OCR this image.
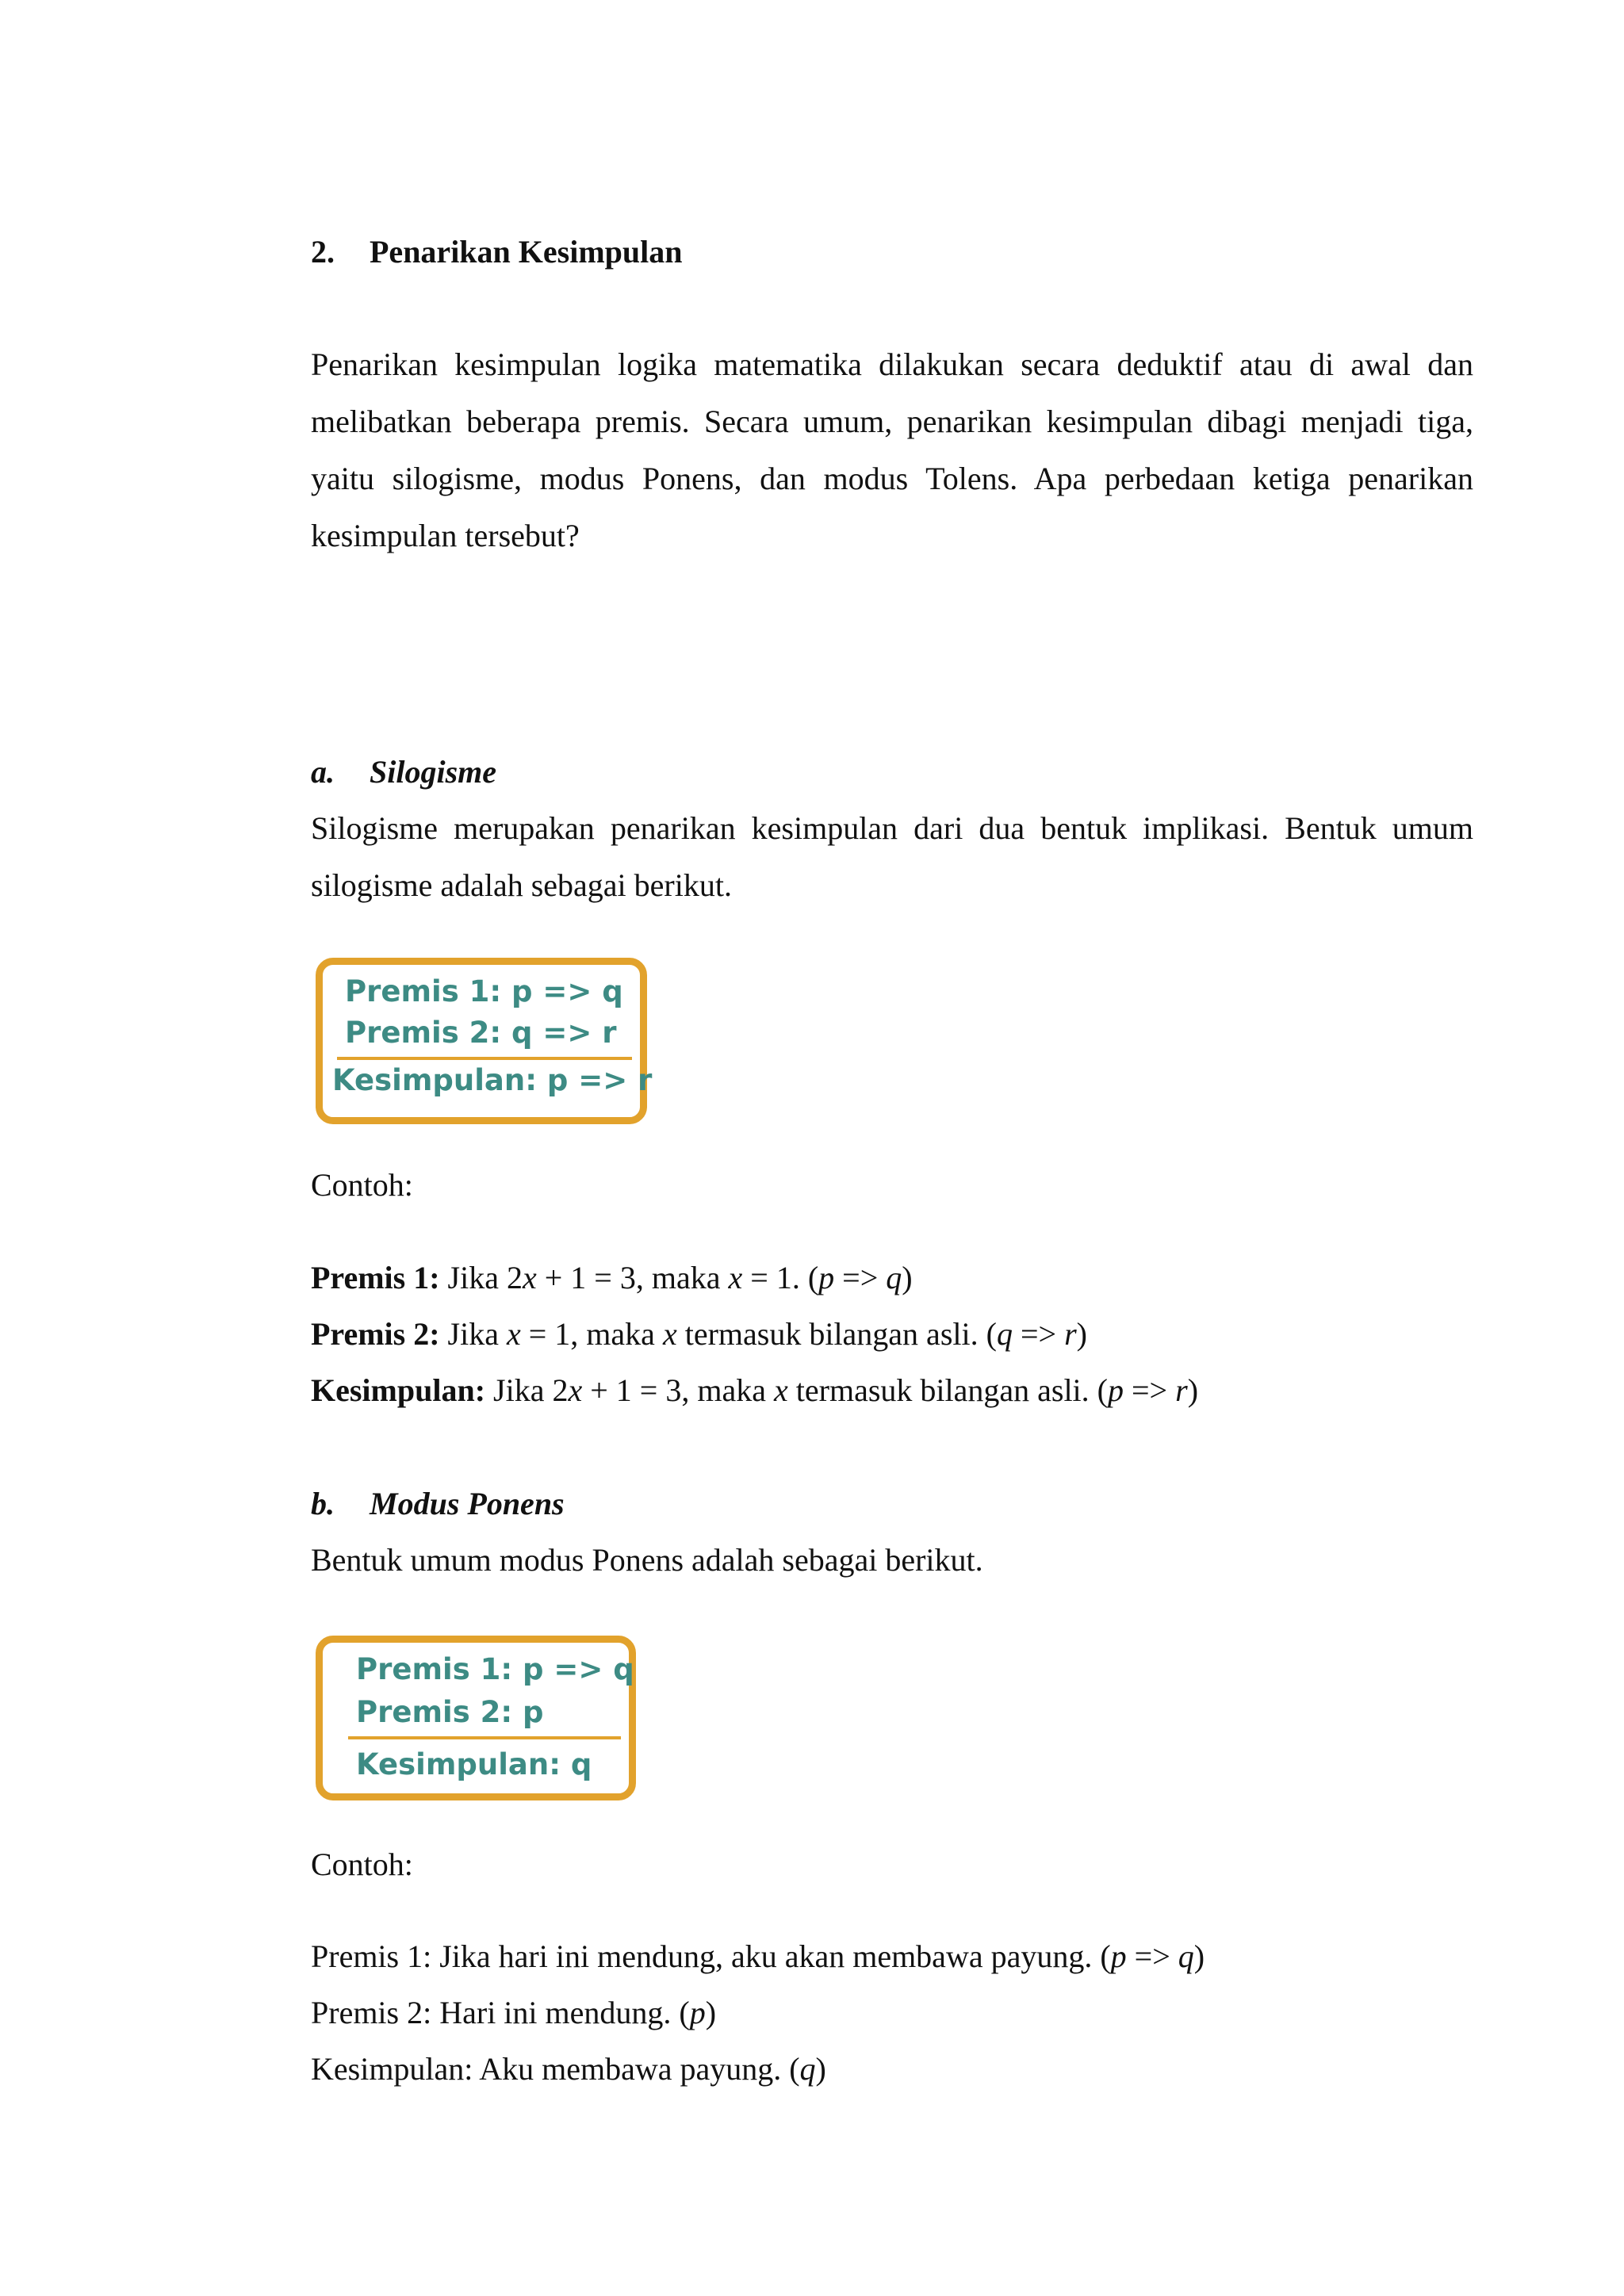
2. Penarikan Kesimpulan
Penarikan kesimpulan logika matematika dilakukan secara deduktif atau di awal dan melibatkan beberapa premis. Secara umum, penarikan kesimpulan dibagi menjadi tiga, yaitu silogisme, modus Ponens, dan modus Tolens. Apa perbedaan ketiga penarikan kesimpulan tersebut?
a. Silogisme
Silogisme merupakan penarikan kesimpulan dari dua bentuk implikasi. Bentuk umum silogisme adalah sebagai berikut.
Premis 1: p => q
Premis 2: q => r
Kesimpulan: p => r
Contoh:
Premis 1: Jika 2x + 1 = 3, maka x = 1. (p => q)
Premis 2: Jika x = 1, maka x termasuk bilangan asli. (q => r)
Kesimpulan: Jika 2x + 1 = 3, maka x termasuk bilangan asli. (p => r)
b. Modus Ponens
Bentuk umum modus Ponens adalah sebagai berikut.
Premis 1: p => q
Premis 2: p
Kesimpulan: q
Contoh:
Premis 1: Jika hari ini mendung, aku akan membawa payung. (p => q)
Premis 2: Hari ini mendung. (p)
Kesimpulan: Aku membawa payung. (q)
